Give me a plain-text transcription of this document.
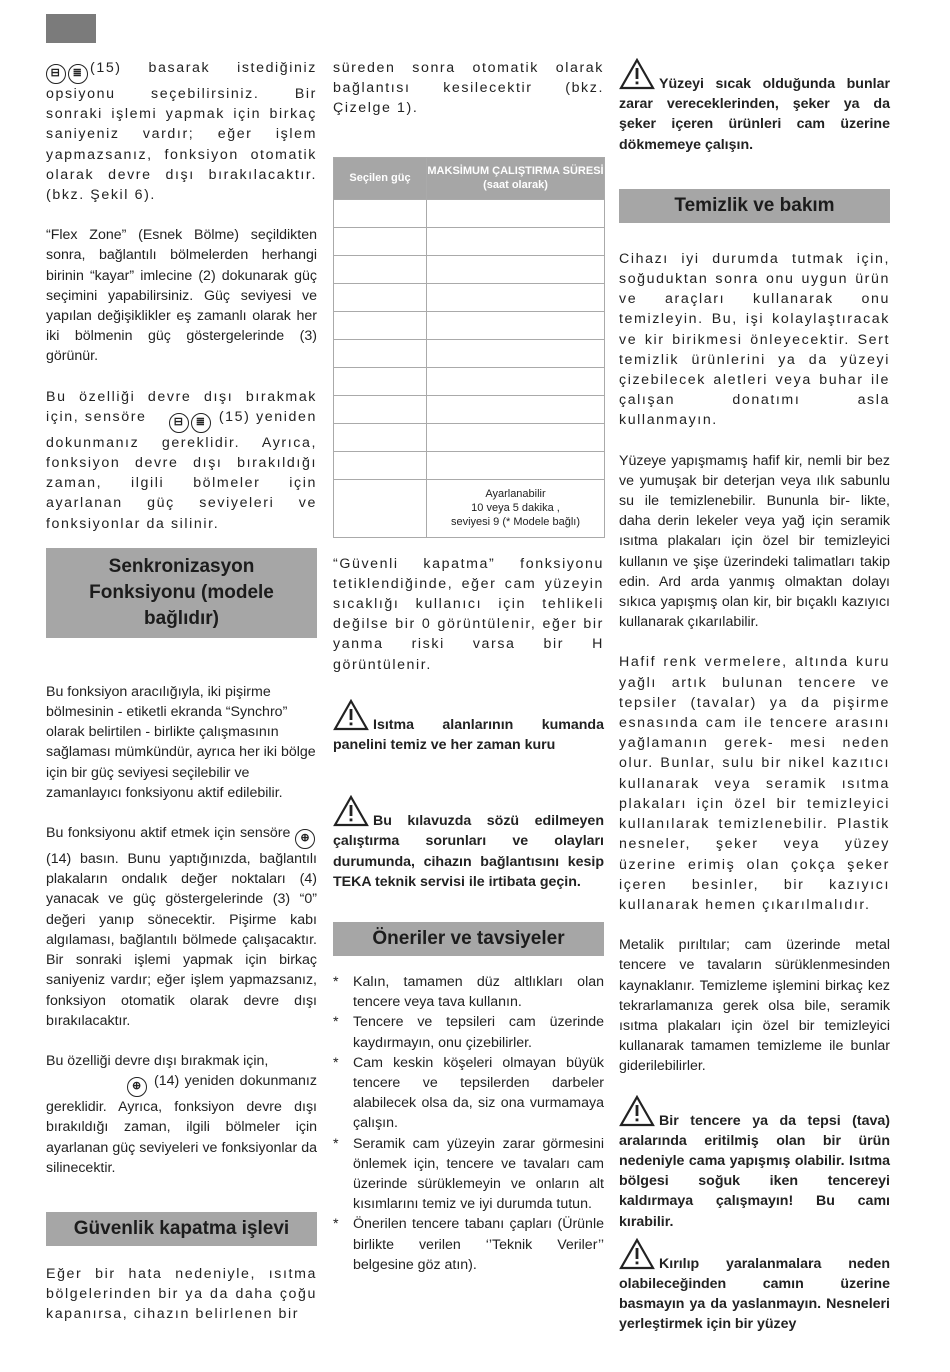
⊟ ≣ (15) basarak istediğiniz opsiyonu seçebilirsiniz. Bir sonraki işlemi yapmak için birkaç saniyeniz vardır; eğer işlem yapmazsanız, fonksiyon otomatik olarak devre dışı bırakılacaktır. (bkz. Şekil 6).

“Flex Zone” (Esnek Bölme) seçildikten sonra, bağlantılı bölmelerden herhangi birinin “kayar” imlecine (2) dokunarak güç seçimini yapabilirsiniz. Güç seviyesi ve yapılan değişiklikler eş zamanlı olarak her iki bölmenin güç göstergelerinde (3) görünür.

Bu özelliği devre dışı bırakmak için, sensöre ⊟ ≣ (15) yeniden dokunmanız gereklidir. Ayrıca, fonksiyon devre dışı bırakıldığı zaman, ilgili bölmeler için ayarlanan güç seviyeleri ve fonksiyonlar da silinir.

Senkronizasyon Fonksiyonu (modele bağlıdır)

Bu fonksiyon aracılığıyla, iki pişirme bölmesinin - etiketli ekranda “Synchro” olarak belirtilen - birlikte çalışmasının sağlaması mümkündür, ayrıca her iki bölge için bir güç seviyesi seçilebilir ve zamanlayıcı fonksiyonu aktif edilebilir.

Bu fonksiyonu aktif etmek için sensöre ⊕ (14) basın. Bunu yaptığınızda, bağlantılı plakaların ondalık değer noktaları (4) yanacak ve güç göstergelerinde (3) “0” değeri yanıp sönecektir. Pişirme kabı algılaması, bağlantılı bölmede çalışacaktır. Bir sonraki işlemi yapmak için birkaç saniyeniz vardır; eğer işlem yapmazsanız, fonksiyon otomatik olarak devre dışı bırakılacaktır.

Bu özelliği devre dışı bırakmak için,
⊕ (14) yeniden dokunmanız gereklidir. Ayrıca, fonksiyon devre dışı bırakıldığı zaman, ilgili bölmeler için ayarlanan güç seviyeleri ve fonksiyonlar da silinecektir.

Güvenlik kapatma işlevi

Eğer bir hata nedeniyle, ısıtma bölgelerinden bir ya da daha çoğu kapanırsa, cihazın belirlenen bir

süreden sonra otomatik olarak bağlantısı kesilecektir (bkz. Çizelge 1).

Seçilen güç	MAKSİMUM ÇALIŞTIRMA SÜRESİ (saat olarak)

	Ayarlanabilir
10 veya 5 dakika ,
seviyesi 9 (* Modele bağlı)

“Güvenli kapatma” fonksiyonu tetiklendiğinde, eğer cam yüzeyin sıcaklığı kullanıcı için tehlikeli değilse bir 0 görüntülenir, eğer bir yanma riski varsa bir H görüntülenir.

Isıtma alanlarının kumanda panelini temiz ve her zaman kuru

Bu kılavuzda sözü edilmeyen çalıştırma sorunları ve olayları durumunda, cihazın bağlantısını kesip TEKA teknik servisi ile irtibata geçin.

Öneriler ve tavsiyeler
* Kalın, tamamen düz altlıkları olan tencere veya tava kullanın.
* Tencere ve tepsileri cam üzerinde kaydırmayın, onu çizebilirler.
* Cam keskin köşeleri olmayan büyük tencere ve tepsilerden darbeler alabilecek olsa da, siz ona vurmamaya çalışın.
* Seramik cam yüzeyin zarar görmesini önlemek için, tencere ve tavaları cam üzerinde sürüklemeyin ve onların alt kısımlarını temiz ve iyi durumda tutun.
* Önerilen tencere tabanı çapları (Ürünle birlikte verilen ‘’Teknik Veriler’’ belgesine göz atın).

Yüzeyi sıcak olduğunda bunlar zarar vereceklerinden, şeker ya da şeker içeren ürünleri cam üzerine dökmemeye çalışın.

Temizlik ve bakım

Cihazı iyi durumda tutmak için, soğuduktan sonra onu uygun ürün ve araçları kullanarak onu temizleyin. Bu, işi kolaylaştıracak ve kir birikmesi önleyecektir. Sert temizlik ürünlerini ya da yüzeyi çizebilecek aletleri veya buhar ile çalışan donatımı asla kullanmayın.

Yüzeye yapışmamış hafif kir, nemli bir bez ve yumuşak bir deterjan veya ılık sabunlu su ile temizlenebilir. Bununla bir- likte, daha derin lekeler veya yağ için seramik ısıtma plakaları için özel bir temizleyici kullanın ve şişe üzerindeki talimatları takip edin. Ard arda yanmış olmaktan dolayı sıkıca yapışmış olan kir, bir bıçaklı kazıyıcı kullanarak çıkarılabilir.

Hafif renk vermelere, altında kuru yağlı artık bulunan tencere ve tepsiler (tavalar) ya da pişirme esnasında cam ile tencere arasını yağlamanın gerek- mesi neden olur. Bunlar, sulu bir nikel kazıtıcı kullanarak veya seramik ısıtma plakaları için özel bir temizleyici kullanılarak temizlenebilir. Plastik nesneler, şeker veya yüzey üzerine erimiş olan çokça şeker içeren besinler, bir kazıyıcı kullanarak hemen çıkarılmalıdır.

Metalik pırıltılar; cam üzerinde metal tencere ve tavaların sürüklenmesinden kaynaklanır. Temizleme işlemini birkaç kez tekrarlamanıza gerek olsa bile, seramik ısıtma plakaları için özel bir temizleyici kullanarak tamamen temizleme ile bunlar giderilebilirler.

Bir tencere ya da tepsi (tava) aralarında eritilmiş olan bir ürün nedeniyle cama yapışmış olabilir. Isıtma bölgesi soğuk iken tencereyi kaldırmaya çalışmayın! Bu camı kırabilir.

Kırılıp yaralanmalara neden olabileceğinden camın üzerine basmayın ya da yaslanmayın. Nesneleri yerleştirmek için bir yüzey
